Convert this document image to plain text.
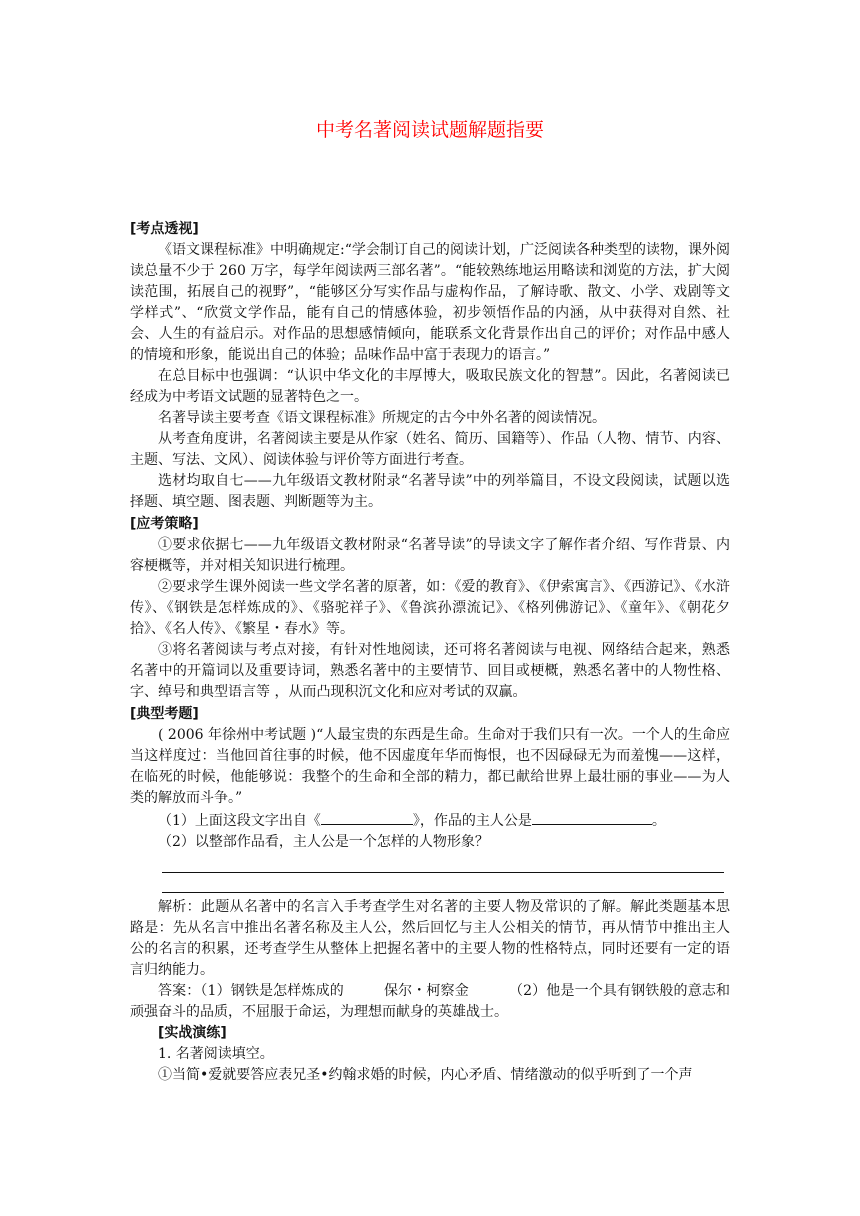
中考名著阅读试题解题指要

[考点透视]

《语文课程标准》中明确规定:“学会制订自己的阅读计划，广泛阅读各种类型的读物，课外阅读总量不少于 260 万字，每学年阅读两三部名著”。“能较熟练地运用略读和浏览的方法，扩大阅读范围，拓展自己的视野”，“能够区分写实作品与虚构作品，了解诗歌、散文、小学、戏剧等文学样式”、“欣赏文学作品，能有自己的情感体验，初步领悟作品的内涵，从中获得对自然、社会、人生的有益启示。对作品的思想感情倾向，能联系文化背景作出自己的评价；对作品中感人的情境和形象，能说出自己的体验；品味作品中富于表现力的语言。”

在总目标中也强调：“认识中华文化的丰厚博大，吸取民族文化的智慧”。因此，名著阅读已经成为中考语文试题的显著特色之一。

名著导读主要考查《语文课程标准》所规定的古今中外名著的阅读情况。

从考查角度讲，名著阅读主要是从作家（姓名、简历、国籍等）、作品（人物、情节、内容、主题、写法、文风）、阅读体验与评价等方面进行考查。

选材均取自七——九年级语文教材附录“名著导读”中的列举篇目，不设文段阅读，试题以选择题、填空题、图表题、判断题等为主。

[应考策略]

①要求依据七——九年级语文教材附录“名著导读”的导读文字了解作者介绍、写作背景、内容梗概等，并对相关知识进行梳理。

②要求学生课外阅读一些文学名著的原著，如：《爱的教育》、《伊索寓言》、《西游记》、《水浒传》、《钢铁是怎样炼成的》、《骆驼祥子》、《鲁滨孙漂流记》、《格列佛游记》、《童年》、《朝花夕拾》、《名人传》、《繁星・春水》等。

③将名著阅读与考点对接，有针对性地阅读，还可将名著阅读与电视、网络结合起来，熟悉名著中的开篇词以及重要诗词，熟悉名著中的主要情节、回目或梗概，熟悉名著中的人物性格、字、绰号和典型语言等 ，从而凸现积沉文化和应对考试的双赢。

[典型考题]

( 2006 年徐州中考试题 )“人最宝贵的东西是生命。生命对于我们只有一次。一个人的生命应当这样度过：当他回首往事的时候，他不因虚度年华而悔恨，也不因碌碌无为而羞愧——这样，在临死的时候，他能够说：我整个的生命和全部的精力，都已献给世界上最壮丽的事业——为人类的解放而斗争。”

（1）上面这段文字出自《	》，作品的主人公是	。

（2）以整部作品看，主人公是一个怎样的人物形象？

解析：此题从名著中的名言入手考查学生对名著的主要人物及常识的了解。解此类题基本思路是：先从名言中推出名著名称及主人公，然后回忆与主人公相关的情节，再从情节中推出主人公的名言的积累，还考查学生从整体上把握名著中的主要人物的性格特点，同时还要有一定的语言归纳能力。

答案：（1）钢铁是怎样炼成的	保尔・柯察金	（2）他是一个具有钢铁般的意志和顽强奋斗的品质，不屈服于命运，为理想而献身的英雄战士。

[实战演练]

1. 名著阅读填空。

①当简•爱就要答应表兄圣•约翰求婚的时候，内心矛盾、情绪激动的似乎听到了一个声
